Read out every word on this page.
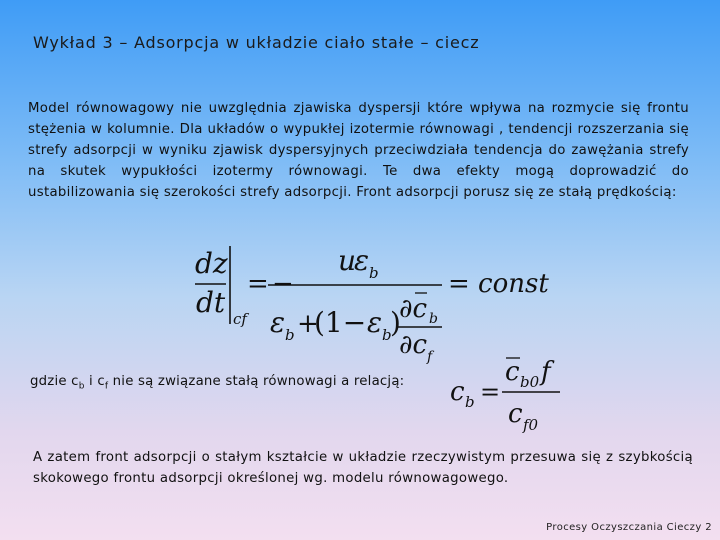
Wykład 3 – Adsorpcja w układzie ciało stałe – ciecz
Model równowagowy nie uwzględnia zjawiska dyspersji które wpływa na rozmycie się frontu stężenia w kolumnie. Dla układów o wypukłej izotermie równowagi , tendencji rozszerzania się strefy adsorpcji w wyniku zjawisk dyspersyjnych przeciwdziała tendencja do zawężania strefy na skutek wypukłości izotermy równowagi. Te dwa efekty mogą doprowadzić do ustabilizowania się szerokości strefy adsorpcji. Front adsorpcji porusz się ze stałą prędkością:
dz
dt cf
= −
u
ε b
ε b +
(1− ε b
)
∂c b
∂c f
= const
gdzie $c_b$ i $c_f$ nie są związane stałą równowagi a relacją: c b =
c b0 f
c f0
A zatem front adsorpcji o stałym kształcie w układzie rzeczywistym przesuwa się z szybkością skokowego frontu adsorpcji określonej wg. modelu równowagowego.
Procesy Oczyszczania Cieczy 2
